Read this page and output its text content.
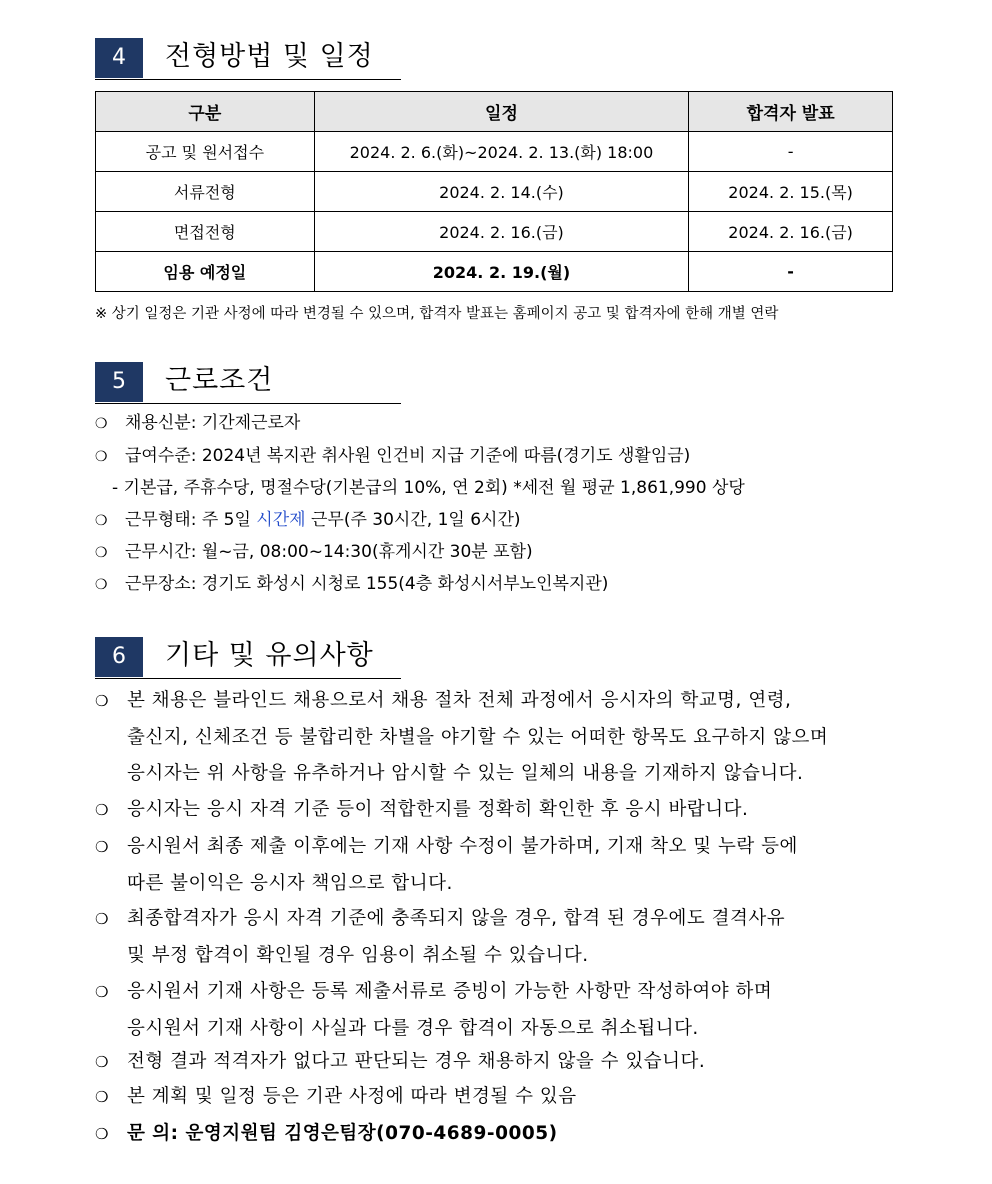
4	전형방법 및 일정
구분	일정	합격자 발표
공고 및 원서접수	2024. 2. 6.(화)~2024. 2. 13.(화) 18:00	-
서류전형	2024. 2. 14.(수)	2024. 2. 15.(목)
면접전형	2024. 2. 16.(금)	2024. 2. 16.(금)
임용 예정일	2024. 2. 19.(월)	-
※ 상기 일정은 기관 사정에 따라 변경될 수 있으며, 합격자 발표는 홈페이지 공고 및 합격자에 한해 개별 연락
5	근로조건
❍ 채용신분: 기간제근로자
❍ 급여수준: 2024년 복지관 취사원 인건비 지급 기준에 따름(경기도 생활임금)
- 기본급, 주휴수당, 명절수당(기본급의 10%, 연 2회) *세전 월 평균 1,861,990 상당
❍ 근무형태: 주 5일 시간제 근무(주 30시간, 1일 6시간)
❍ 근무시간: 월~금, 08:00~14:30(휴게시간 30분 포함)
❍ 근무장소: 경기도 화성시 시청로 155(4층 화성시서부노인복지관)
6	기타 및 유의사항
❍ 본 채용은 블라인드 채용으로서 채용 절차 전체 과정에서 응시자의 학교명, 연령,
출신지, 신체조건 등 불합리한 차별을 야기할 수 있는 어떠한 항목도 요구하지 않으며
응시자는 위 사항을 유추하거나 암시할 수 있는 일체의 내용을 기재하지 않습니다.
❍ 응시자는 응시 자격 기준 등이 적합한지를 정확히 확인한 후 응시 바랍니다.
❍ 응시원서 최종 제출 이후에는 기재 사항 수정이 불가하며, 기재 착오 및 누락 등에
따른 불이익은 응시자 책임으로 합니다.
❍ 최종합격자가 응시 자격 기준에 충족되지 않을 경우, 합격 된 경우에도 결격사유
및 부정 합격이 확인될 경우 임용이 취소될 수 있습니다.
❍ 응시원서 기재 사항은 등록 제출서류로 증빙이 가능한 사항만 작성하여야 하며
응시원서 기재 사항이 사실과 다를 경우 합격이 자동으로 취소됩니다.
❍ 전형 결과 적격자가 없다고 판단되는 경우 채용하지 않을 수 있습니다.
❍ 본 계획 및 일정 등은 기관 사정에 따라 변경될 수 있음
❍ 문 의: 운영지원팀 김영은팀장(070-4689-0005)
